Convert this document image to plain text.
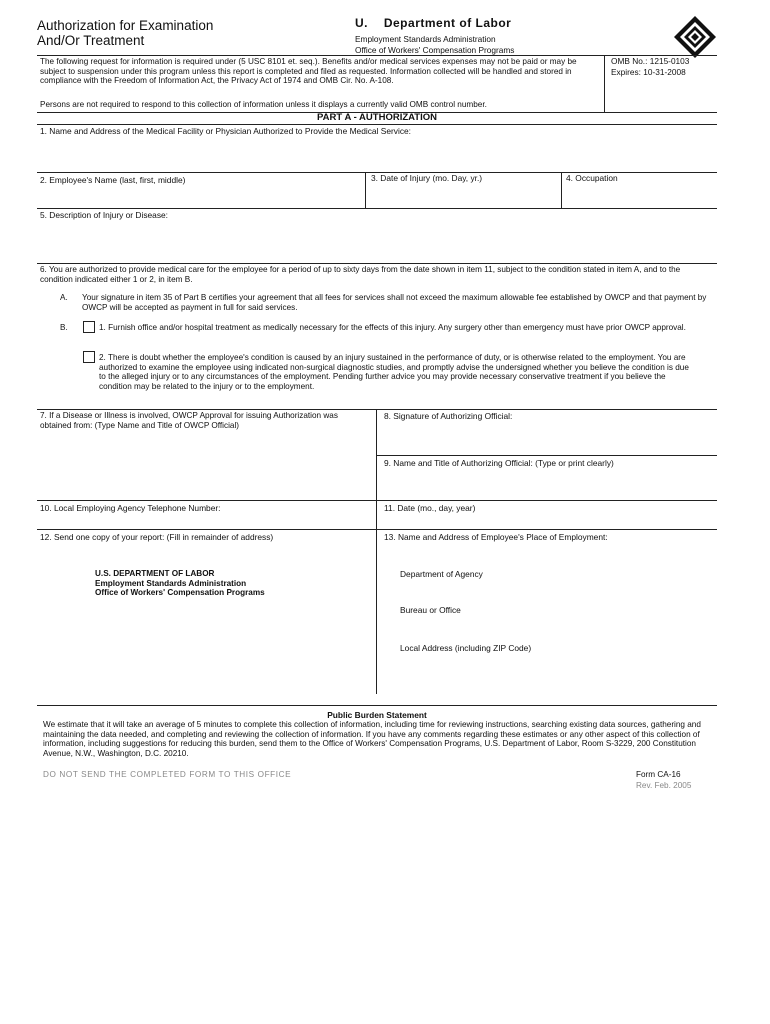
Authorization for Examination
And/Or Treatment
U. Department of Labor
Employment Standards Administration
Office of Workers' Compensation Programs
The following request for information is required under (5 USC 8101 et. seq.). Benefits and/or medical services expenses may not be paid or may be subject to suspension under this program unless this report is completed and filed as requested. Information collected will be handled and stored in compliance with the Freedom of Information Act, the Privacy Act of 1974 and OMB Cir. No. A-108.
OMB No.: 1215-0103
Expires: 10-31-2008
Persons are not required to respond to this collection of information unless it displays a currently valid OMB control number.
PART A - AUTHORIZATION
1. Name and Address of the Medical Facility or Physician Authorized to Provide the Medical Service:
2. Employee's Name (last, first, middle)	3. Date of Injury (mo. Day, yr.)	4. Occupation
5. Description of Injury or Disease:
6. You are authorized to provide medical care for the employee for a period of up to sixty days from the date shown in item 11, subject to the condition stated in item A, and to the condition indicated either 1 or 2, in item B.
A. Your signature in item 35 of Part B certifies your agreement that all fees for services shall not exceed the maximum allowable fee established by OWCP and that payment by OWCP will be accepted as payment in full for said services.
B.	1. Furnish office and/or hospital treatment as medically necessary for the effects of this injury. Any surgery other than emergency must have prior OWCP approval.
2. There is doubt whether the employee's condition is caused by an injury sustained in the performance of duty, or is otherwise related to the employment. You are authorized to examine the employee using indicated non-surgical diagnostic studies, and promptly advise the undersigned whether you believe the condition is due to the alleged injury or to any circumstances of the employment. Pending further advice you may provide necessary conservative treatment if you believe the condition may be related to the injury or to the employment.
7. If a Disease or Illness is involved, OWCP Approval for issuing Authorization was obtained from: (Type Name and Title of OWCP Official)
8. Signature of Authorizing Official:
9. Name and Title of Authorizing Official: (Type or print clearly)
10. Local Employing Agency Telephone Number:	11. Date (mo., day, year)
12. Send one copy of your report: (Fill in remainder of address)	13. Name and Address of Employee's Place of Employment:
U.S. DEPARTMENT OF LABOR
Employment Standards Administration
Office of Workers' Compensation Programs
Department of Agency
Bureau or Office
Local Address (including ZIP Code)
Public Burden Statement
We estimate that it will take an average of 5 minutes to complete this collection of information, including time for reviewing instructions, searching existing data sources, gathering and maintaining the data needed, and completing and reviewing the collection of information. If you have any comments regarding these estimates or any other aspect of this collection of information, including suggestions for reducing this burden, send them to the Office of Workers' Compensation Programs, U.S. Department of Labor, Room S-3229, 200 Constitution Avenue, N.W., Washington, D.C. 20210.
DO NOT SEND THE COMPLETED FORM TO THIS OFFICE	Form CA-16
Rev. Feb. 2005
